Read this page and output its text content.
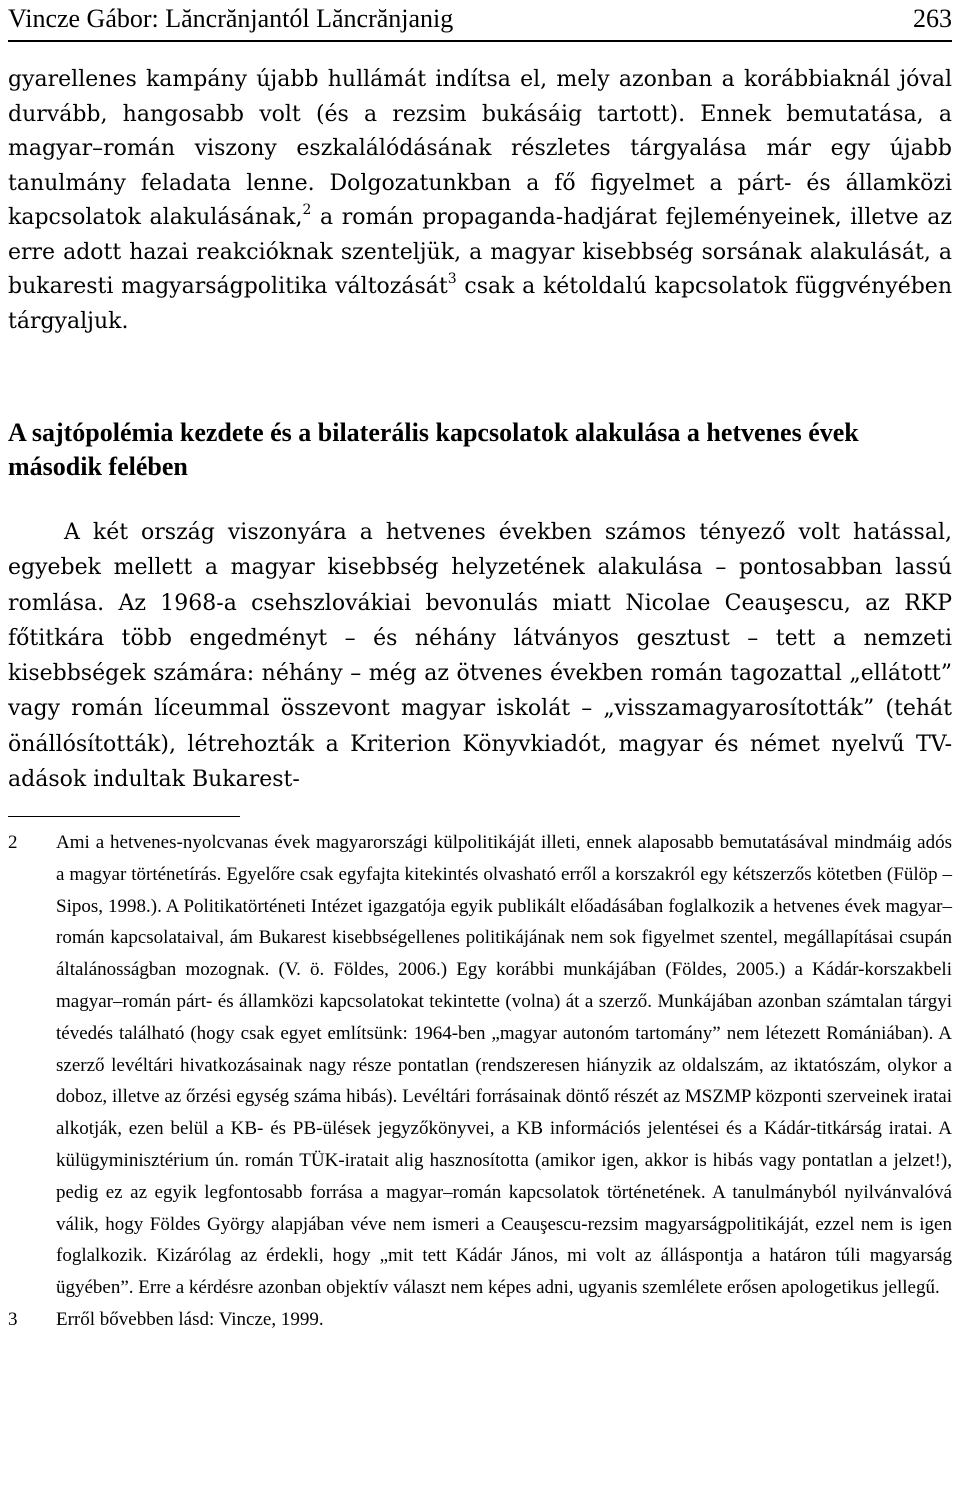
Vincze Gábor: Lăncrănjantól Lăncrănjanig	263

gyarellenes kampány újabb hullámát indítsa el, mely azonban a korábbiaknál jóval durvább, hangosabb volt (és a rezsim bukásáig tartott). Ennek bemutatása, a magyar–román viszony eszkalálódásának részletes tárgyalása már egy újabb tanulmány feladata lenne. Dolgozatunkban a fő figyelmet a párt- és államközi kapcsolatok alakulásának,$^2$ a román propaganda-hadjárat fejleményeinek, illetve az erre adott hazai reakcióknak szenteljük, a magyar kisebbség sorsának alakulását, a bukaresti magyarságpolitika változását$^3$ csak a kétoldalú kapcsolatok függvényében tárgyaljuk.

A sajtópolémia kezdete és a bilaterális kapcsolatok alakulása a hetvenes évek második felében

A két ország viszonyára a hetvenes években számos tényező volt hatással, egyebek mellett a magyar kisebbség helyzetének alakulása – pontosabban lassú romlása. Az 1968-a csehszlovákiai bevonulás miatt Nicolae Ceauşescu, az RKP főtitkára több engedményt – és néhány látványos gesztust – tett a nemzeti kisebbségek számára: néhány – még az ötvenes években román tagozattal „ellátott” vagy román líceummal összevont magyar iskolát – „visszamagyarosították” (tehát önállósították), létrehozták a Kriterion Könyvkiadót, magyar és német nyelvű TV-adások indultak Bukarest-

2 Ami a hetvenes-nyolcvanas évek magyarországi külpolitikáját illeti, ennek alaposabb bemutatásával mindmáig adós a magyar történetírás. Egyelőre csak egyfajta kitekintés olvasható erről a korszakról egy kétszerzős kötetben (Fülöp – Sipos, 1998.). A Politikatörténeti Intézet igazgatója egyik publikált előadásában foglalkozik a hetvenes évek magyar–román kapcsolataival, ám Bukarest kisebbségellenes politikájának nem sok figyelmet szentel, megállapításai csupán általánosságban mozognak. (V. ö. Földes, 2006.) Egy korábbi munkájában (Földes, 2005.) a Kádár-korszakbeli magyar–román párt- és államközi kapcsolatokat tekintette (volna) át a szerző. Munkájában azonban számtalan tárgyi tévedés található (hogy csak egyet említsünk: 1964-ben „magyar autonóm tartomány” nem létezett Romániában). A szerző levéltári hivatkozásainak nagy része pontatlan (rendszeresen hiányzik az oldalszám, az iktatószám, olykor a doboz, illetve az őrzési egység száma hibás). Levéltári forrásainak döntő részét az MSZMP központi szerveinek iratai alkotják, ezen belül a KB- és PB-ülések jegyzőkönyvei, a KB információs jelentései és a Kádár-titkárság iratai. A külügyminisztérium ún. román TÜK-iratait alig hasznosította (amikor igen, akkor is hibás vagy pontatlan a jelzet!), pedig ez az egyik legfontosabb forrása a magyar–román kapcsolatok történetének. A tanulmányból nyilvánvalóvá válik, hogy Földes György alapjában véve nem ismeri a Ceauşescu-rezsim magyarságpolitikáját, ezzel nem is igen foglalkozik. Kizárólag az érdekli, hogy „mit tett Kádár János, mi volt az álláspontja a határon túli magyarság ügyében”. Erre a kérdésre azonban objektív választ nem képes adni, ugyanis szemlélete erősen apologetikus jellegű.

3 Erről bővebben lásd: Vincze, 1999.
